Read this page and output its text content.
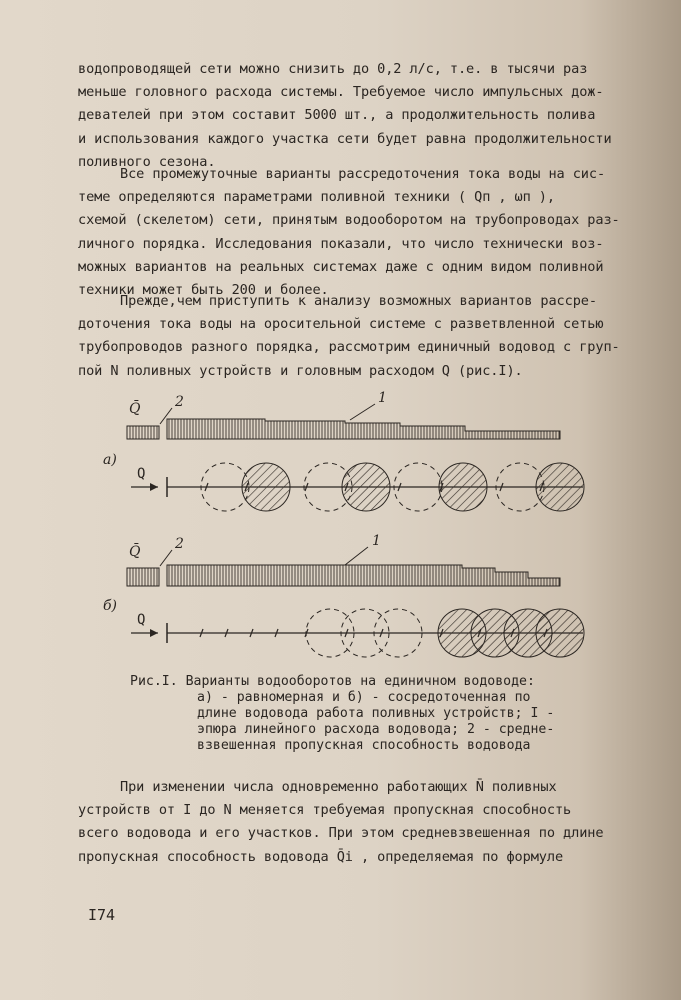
водопроводящей сети можно снизить до 0,2 л/с, т.е. в тысячи раз
меньше головного расхода системы. Требуемое число импульсных дож-
девателей при этом составит 5000 шт., а продолжительность полива
и использования каждого участка сети будет равна продолжительности
поливного сезона.
Все промежуточные варианты рассредоточения тока воды на сис-
теме определяются параметрами поливной техники ( Qп , ωп ),
схемой (скелетом) сети, принятым водооборотом на трубопроводах раз-
личного порядка. Исследования показали, что число технически воз-
можных вариантов на реальных системах даже с одним видом поливной
техники может быть 200 и более.
Прежде,чем приступить к анализу возможных вариантов рассре-
доточения тока воды на оросительной системе с разветвленной сетью
трубопроводов разного порядка, рассмотрим единичный водовод с груп-
пой N поливных устройств и головным расходом Q (рис.I).
Q̄ 2	1
а)
Q
Q̄ 2	1
б)
Q
Рис.I. Варианты водооборотов на единичном водоводе:
а) - равномерная и б) - сосредоточенная по
длине водовода работа поливных устройств; I -
эпюра линейного расхода водовода; 2 - средне-
взвешенная пропускная способность водовода
При изменении числа одновременно работающих N̄ поливных
устройств от I до N меняется требуемая пропускная способность
всего водовода и его участков. При этом средневзвешенная по длине
пропускная способность водовода Q̄i , определяемая по формуле
I74
